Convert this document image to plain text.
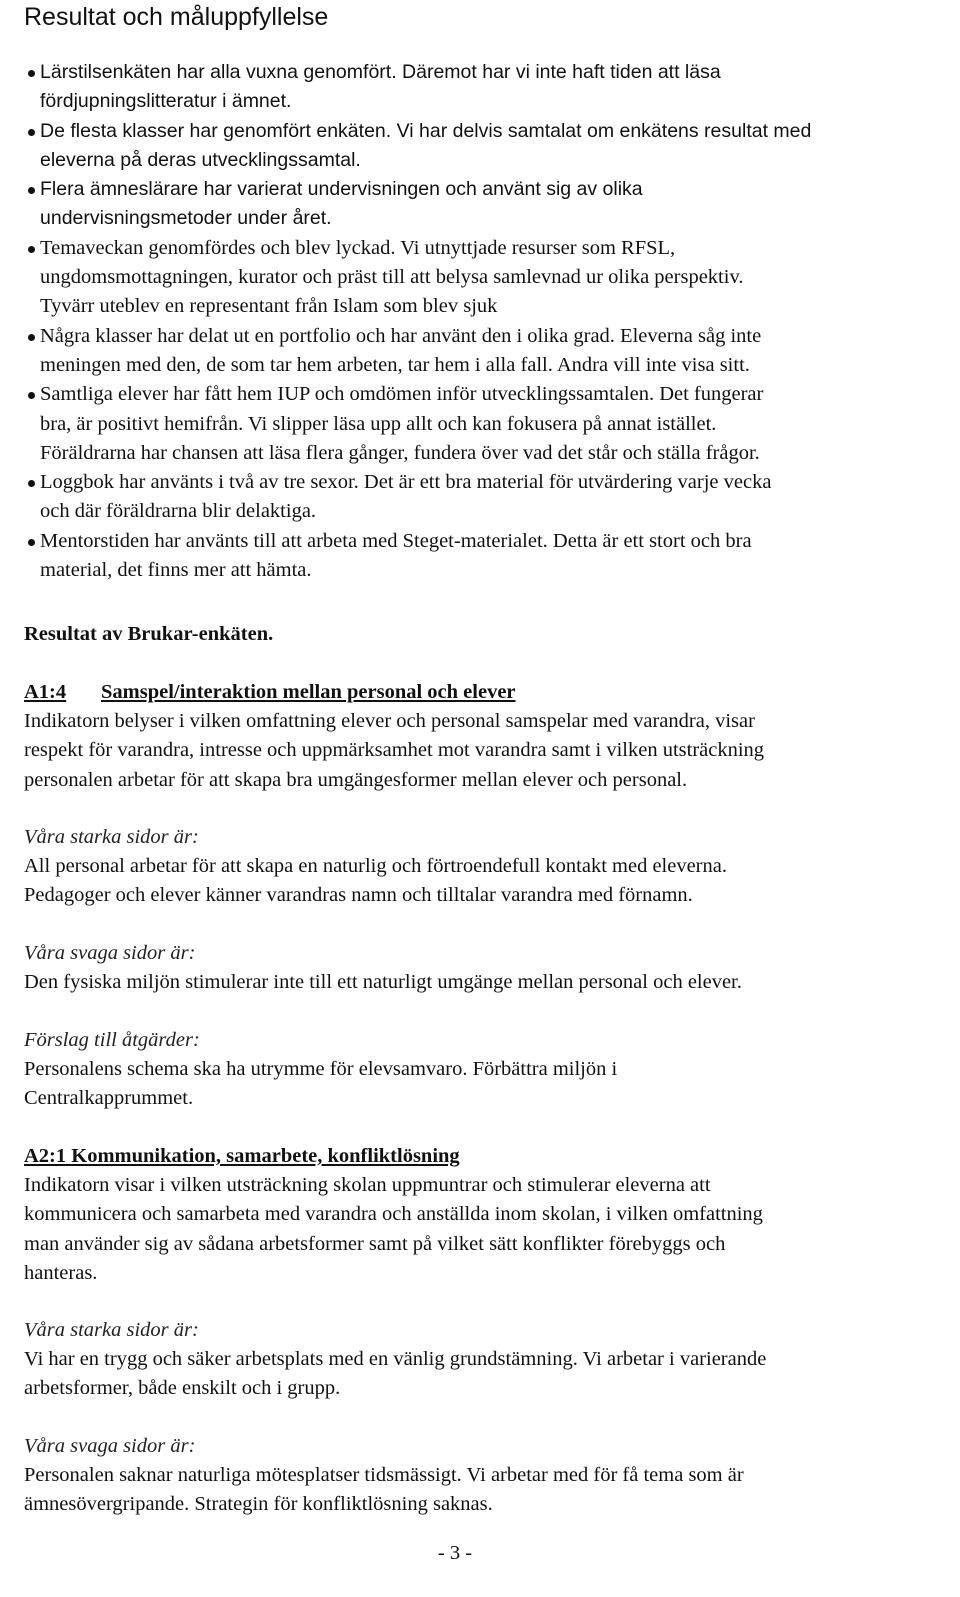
Resultat och måluppfyllelse
Lärstilsenkäten har alla vuxna genomfört. Däremot har vi inte haft tiden att läsa
fördjupningslitteratur i ämnet.
De flesta klasser har genomfört enkäten. Vi har delvis samtalat om enkätens resultat med
eleverna på deras utvecklingssamtal.
Flera ämneslärare har varierat undervisningen och använt sig av olika
undervisningsmetoder under året.
Temaveckan genomfördes och blev lyckad. Vi utnyttjade resurser som RFSL,
ungdomsmottagningen, kurator och präst till att belysa samlevnad ur olika perspektiv.
Tyvärr uteblev en representant från Islam som blev sjuk
Några klasser har delat ut en portfolio och har använt den i olika grad. Eleverna såg inte
meningen med den, de som tar hem arbeten, tar hem i alla fall. Andra vill inte visa sitt.
Samtliga elever har fått hem IUP och omdömen inför utvecklingssamtalen. Det fungerar
bra, är positivt hemifrån. Vi slipper läsa upp allt och kan fokusera på annat istället.
Föräldrarna har chansen att läsa flera gånger, fundera över vad det står och ställa frågor.
Loggbok har använts i två av tre sexor. Det är ett bra material för utvärdering varje vecka
och där föräldrarna blir delaktiga.
Mentorstiden har använts till att arbeta med Steget-materialet. Detta är ett stort och bra
material, det finns mer att hämta.

Resultat av Brukar-enkäten.

A1:4 Samspel/interaktion mellan personal och elever

Indikatorn belyser i vilken omfattning elever och personal samspelar med varandra, visar
respekt för varandra, intresse och uppmärksamhet mot varandra samt i vilken utsträckning
personalen arbetar för att skapa bra umgängesformer mellan elever och personal.

Våra starka sidor är:

All personal arbetar för att skapa en naturlig och förtroendefull kontakt med eleverna.
Pedagoger och elever känner varandras namn och tilltalar varandra med förnamn.

Våra svaga sidor är:

Den fysiska miljön stimulerar inte till ett naturligt umgänge mellan personal och elever.

Förslag till åtgärder:

Personalens schema ska ha utrymme för elevsamvaro. Förbättra miljön i
Centralkapprummet.

A2:1 Kommunikation, samarbete, konfliktlösning

Indikatorn visar i vilken utsträckning skolan uppmuntrar och stimulerar eleverna att
kommunicera och samarbeta med varandra och anställda inom skolan, i vilken omfattning
man använder sig av sådana arbetsformer samt på vilket sätt konflikter förebyggs och
hanteras.

Våra starka sidor är:

Vi har en trygg och säker arbetsplats med en vänlig grundstämning. Vi arbetar i varierande
arbetsformer, både enskilt och i grupp.

Våra svaga sidor är:

Personalen saknar naturliga mötesplatser tidsmässigt. Vi arbetar med för få tema som är
ämnesövergripande. Strategin för konfliktlösning saknas.

- 3 -
